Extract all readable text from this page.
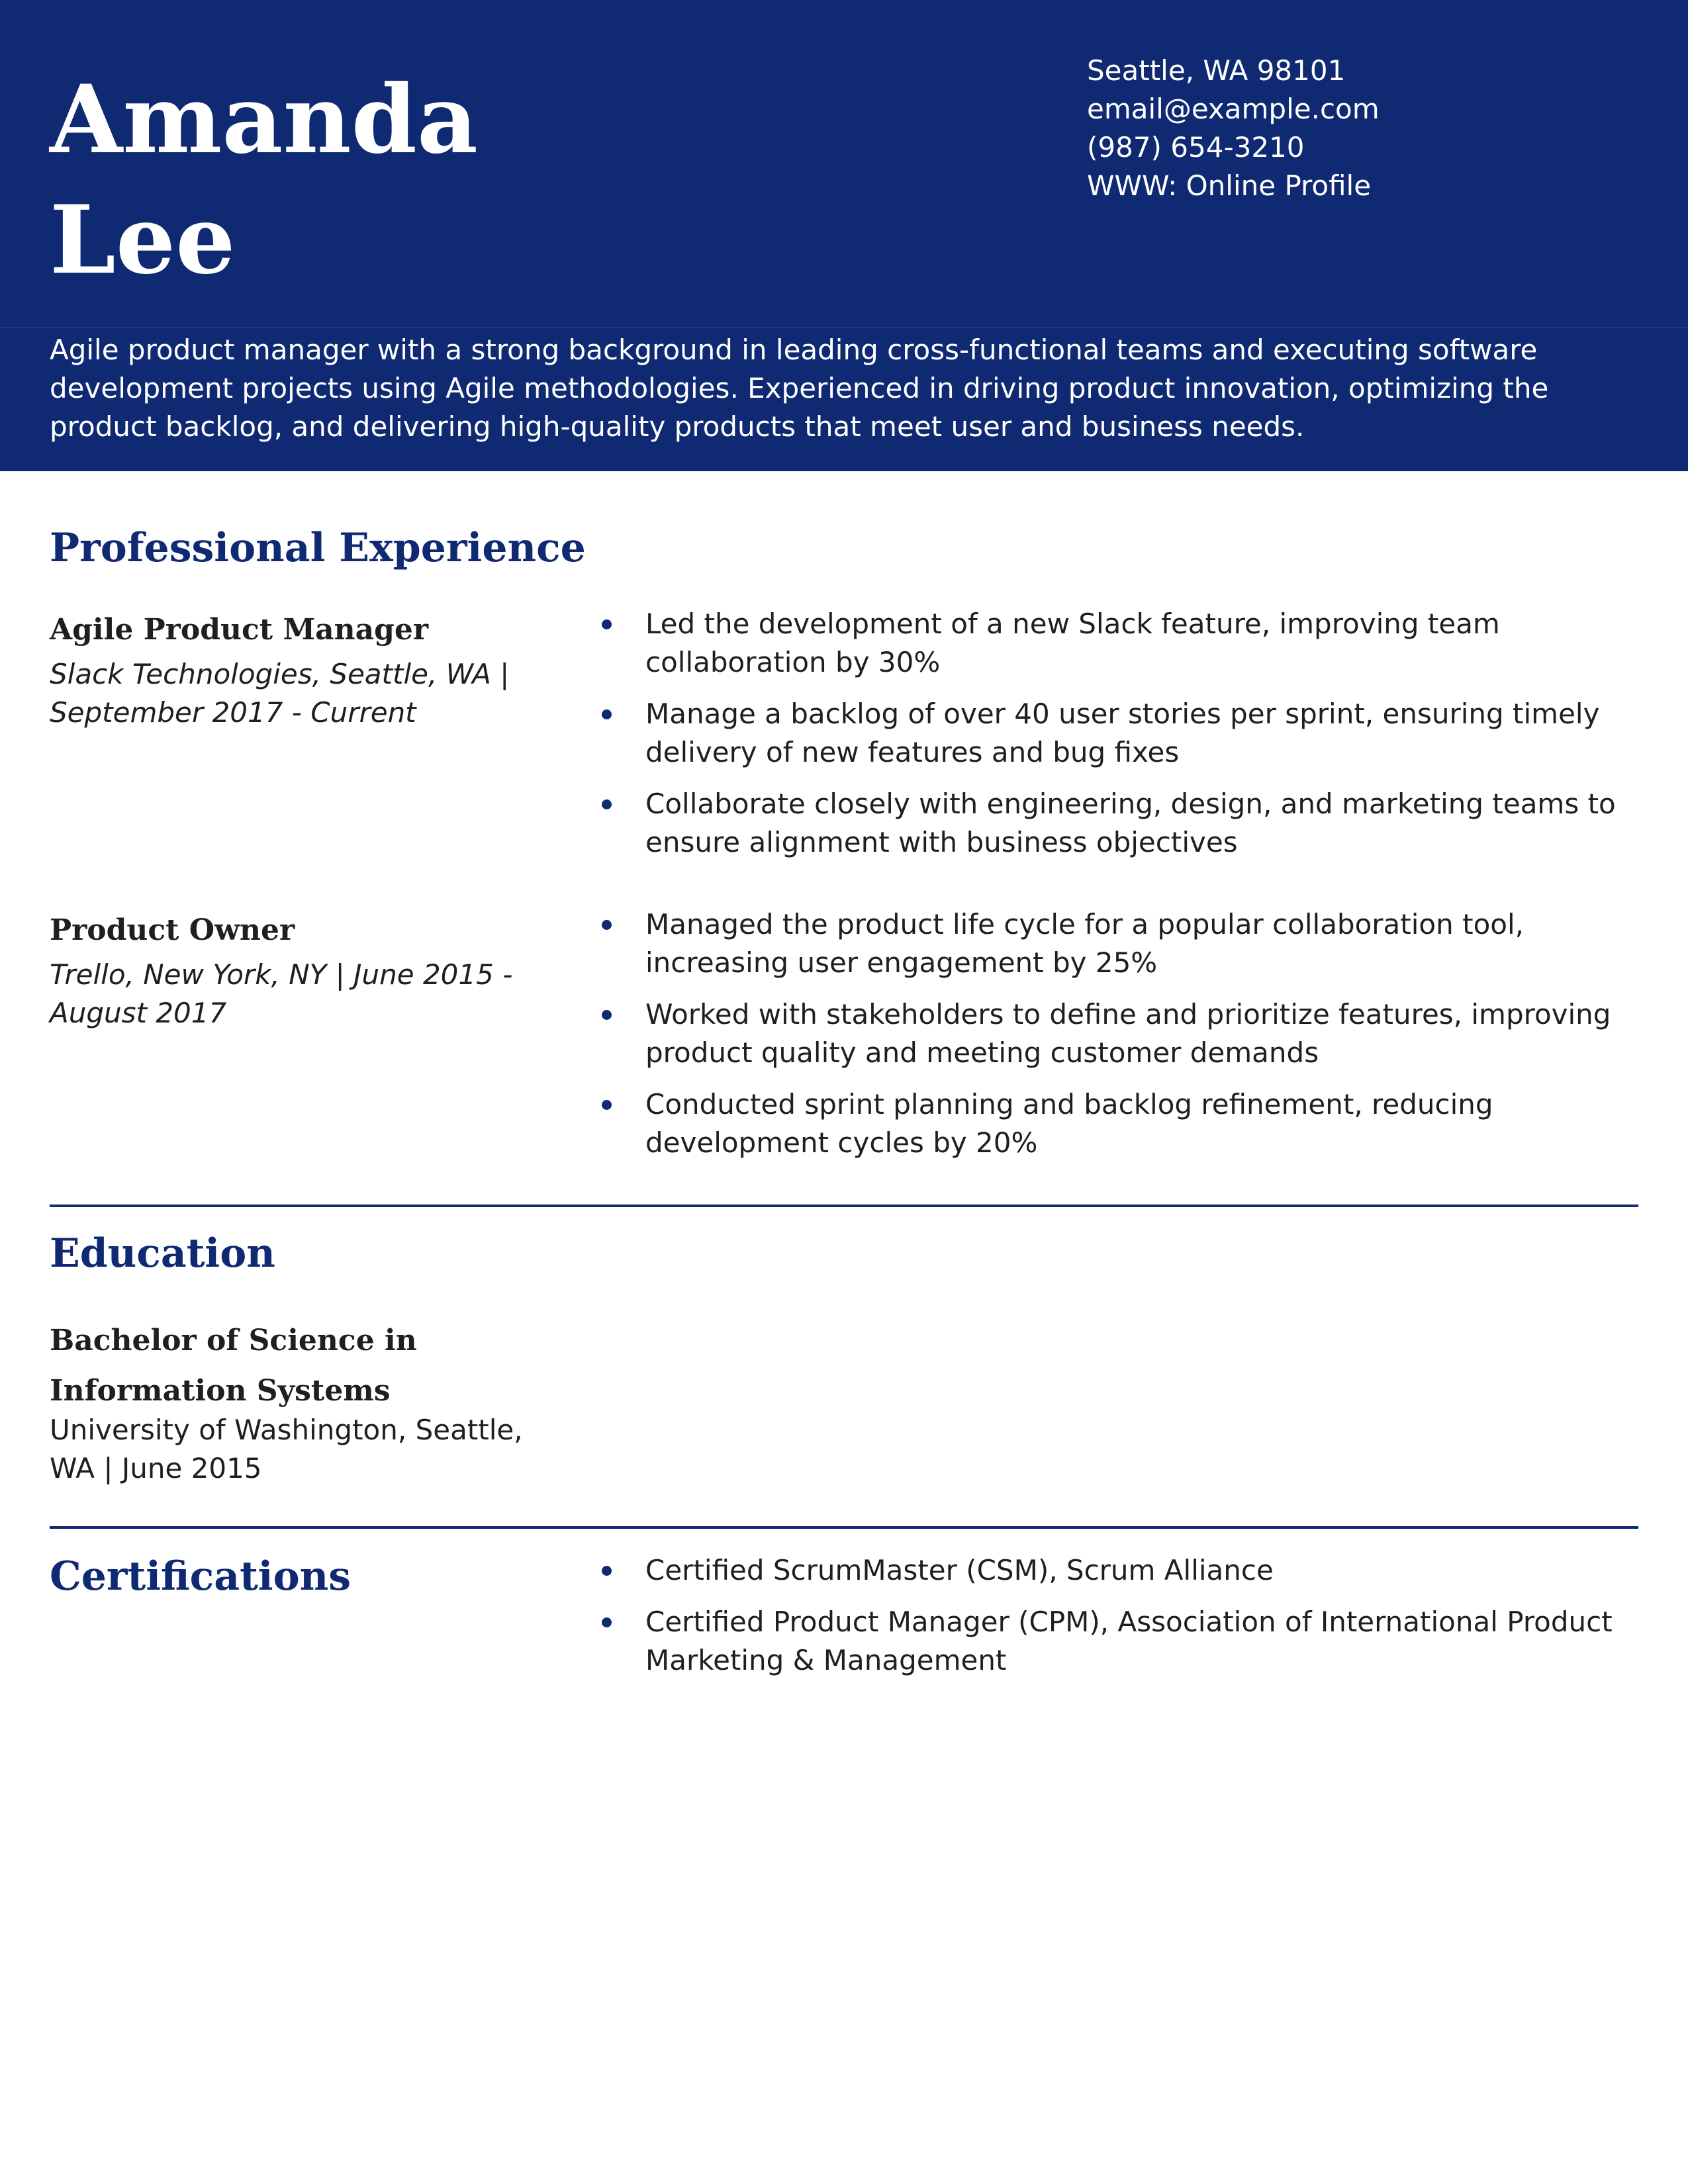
Amanda
Lee
Seattle, WA 98101
email@example.com
(987) 654-3210
WWW: Online Profile

Agile product manager with a strong background in leading cross-functional teams and executing software development projects using Agile methodologies. Experienced in driving product innovation, optimizing the product backlog, and delivering high-quality products that meet user and business needs.

Professional Experience
Agile Product Manager
Slack Technologies, Seattle, WA | September 2017 - Current
Led the development of a new Slack feature, improving team collaboration by 30%
Manage a backlog of over 40 user stories per sprint, ensuring timely delivery of new features and bug fixes
Collaborate closely with engineering, design, and marketing teams to ensure alignment with business objectives
Product Owner
Trello, New York, NY | June 2015 - August 2017
Managed the product life cycle for a popular collaboration tool, increasing user engagement by 25%
Worked with stakeholders to define and prioritize features, improving product quality and meeting customer demands
Conducted sprint planning and backlog refinement, reducing development cycles by 20%
Education
Bachelor of Science in Information Systems
University of Washington, Seattle, WA | June 2015
Certifications	Certified ScrumMaster (CSM), Scrum Alliance
Certified Product Manager (CPM), Association of International Product Marketing & Management
